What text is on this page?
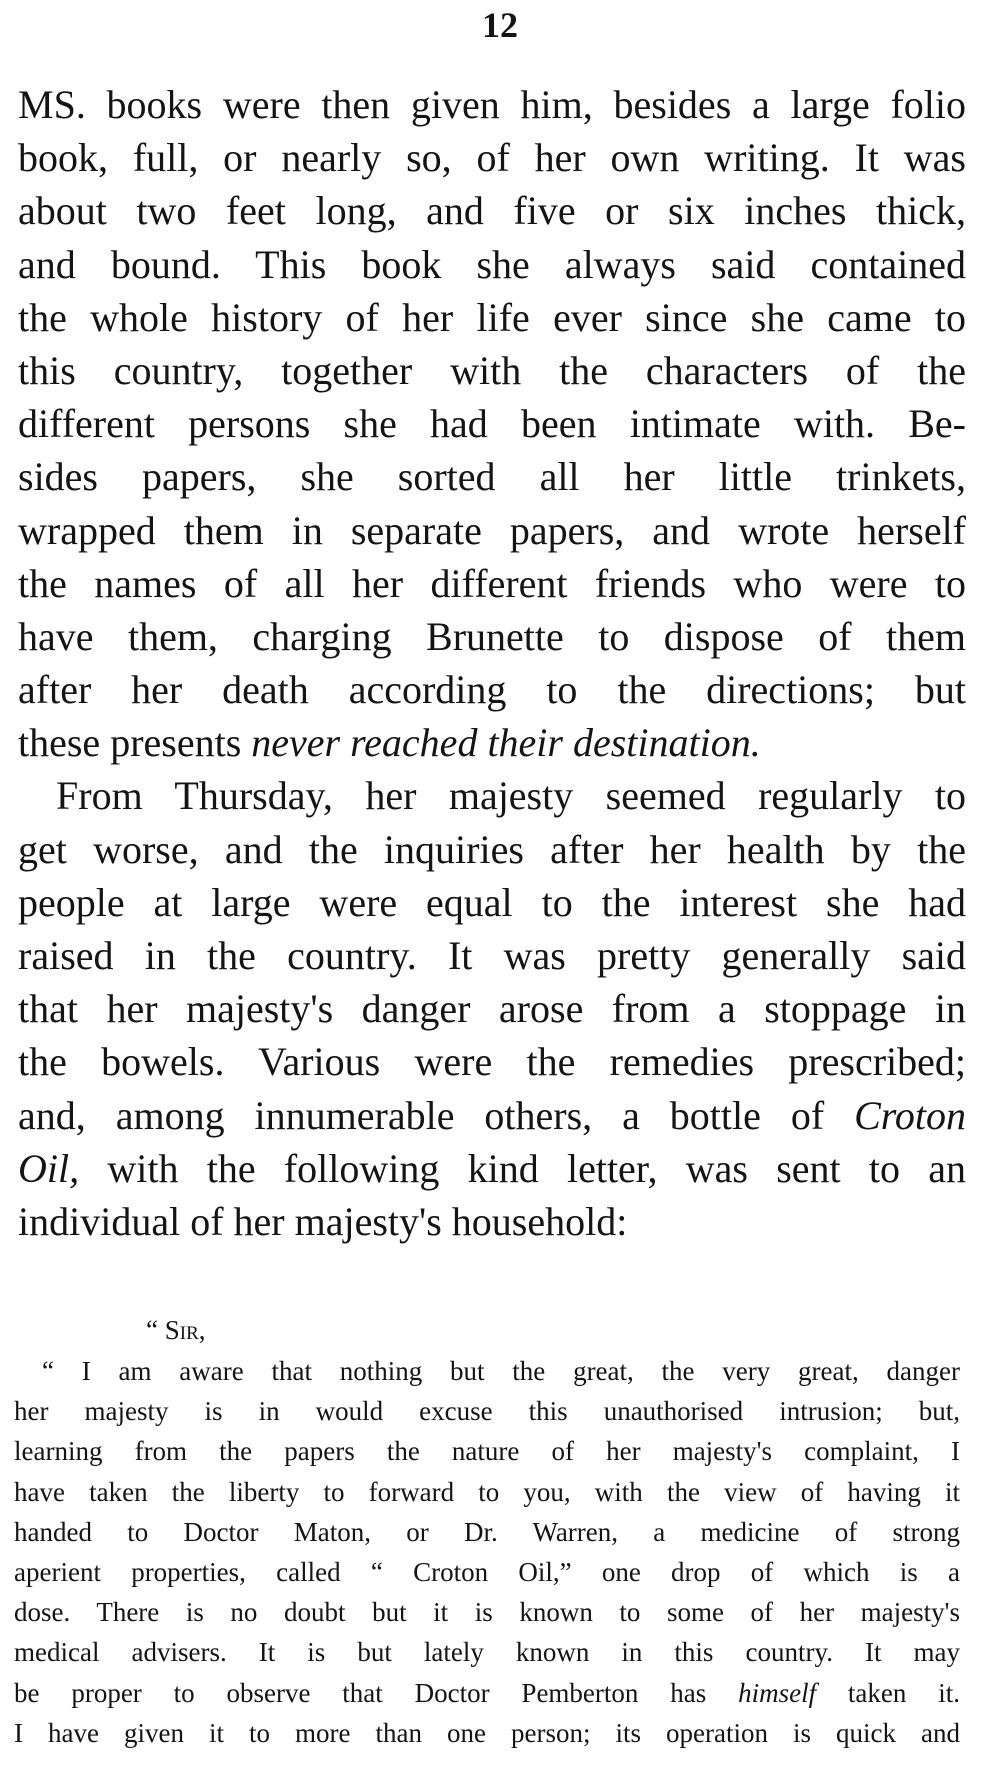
12
MS. books were then given him, besides a large folio
book, full, or nearly so, of her own writing. It was
about two feet long, and five or six inches thick,
and bound. This book she always said contained
the whole history of her life ever since she came to
this country, together with the characters of the
different persons she had been intimate with. Be-
sides papers, she sorted all her little trinkets,
wrapped them in separate papers, and wrote herself
the names of all her different friends who were to
have them, charging Brunette to dispose of them
after her death according to the directions; but
these presents never reached their destination.
From Thursday, her majesty seemed regularly to
get worse, and the inquiries after her health by the
people at large were equal to the interest she had
raised in the country. It was pretty generally said
that her majesty's danger arose from a stoppage in
the bowels. Various were the remedies prescribed;
and, among innumerable others, a bottle of Croton
Oil, with the following kind letter, was sent to an
individual of her majesty's household:
“ Sir,
“ I am aware that nothing but the great, the very great, danger
her majesty is in would excuse this unauthorised intrusion; but,
learning from the papers the nature of her majesty's complaint, I
have taken the liberty to forward to you, with the view of having it
handed to Doctor Maton, or Dr. Warren, a medicine of strong
aperient properties, called “ Croton Oil,” one drop of which is a
dose. There is no doubt but it is known to some of her majesty's
medical advisers. It is but lately known in this country. It may
be proper to observe that Doctor Pemberton has himself taken it.
I have given it to more than one person; its operation is quick and
